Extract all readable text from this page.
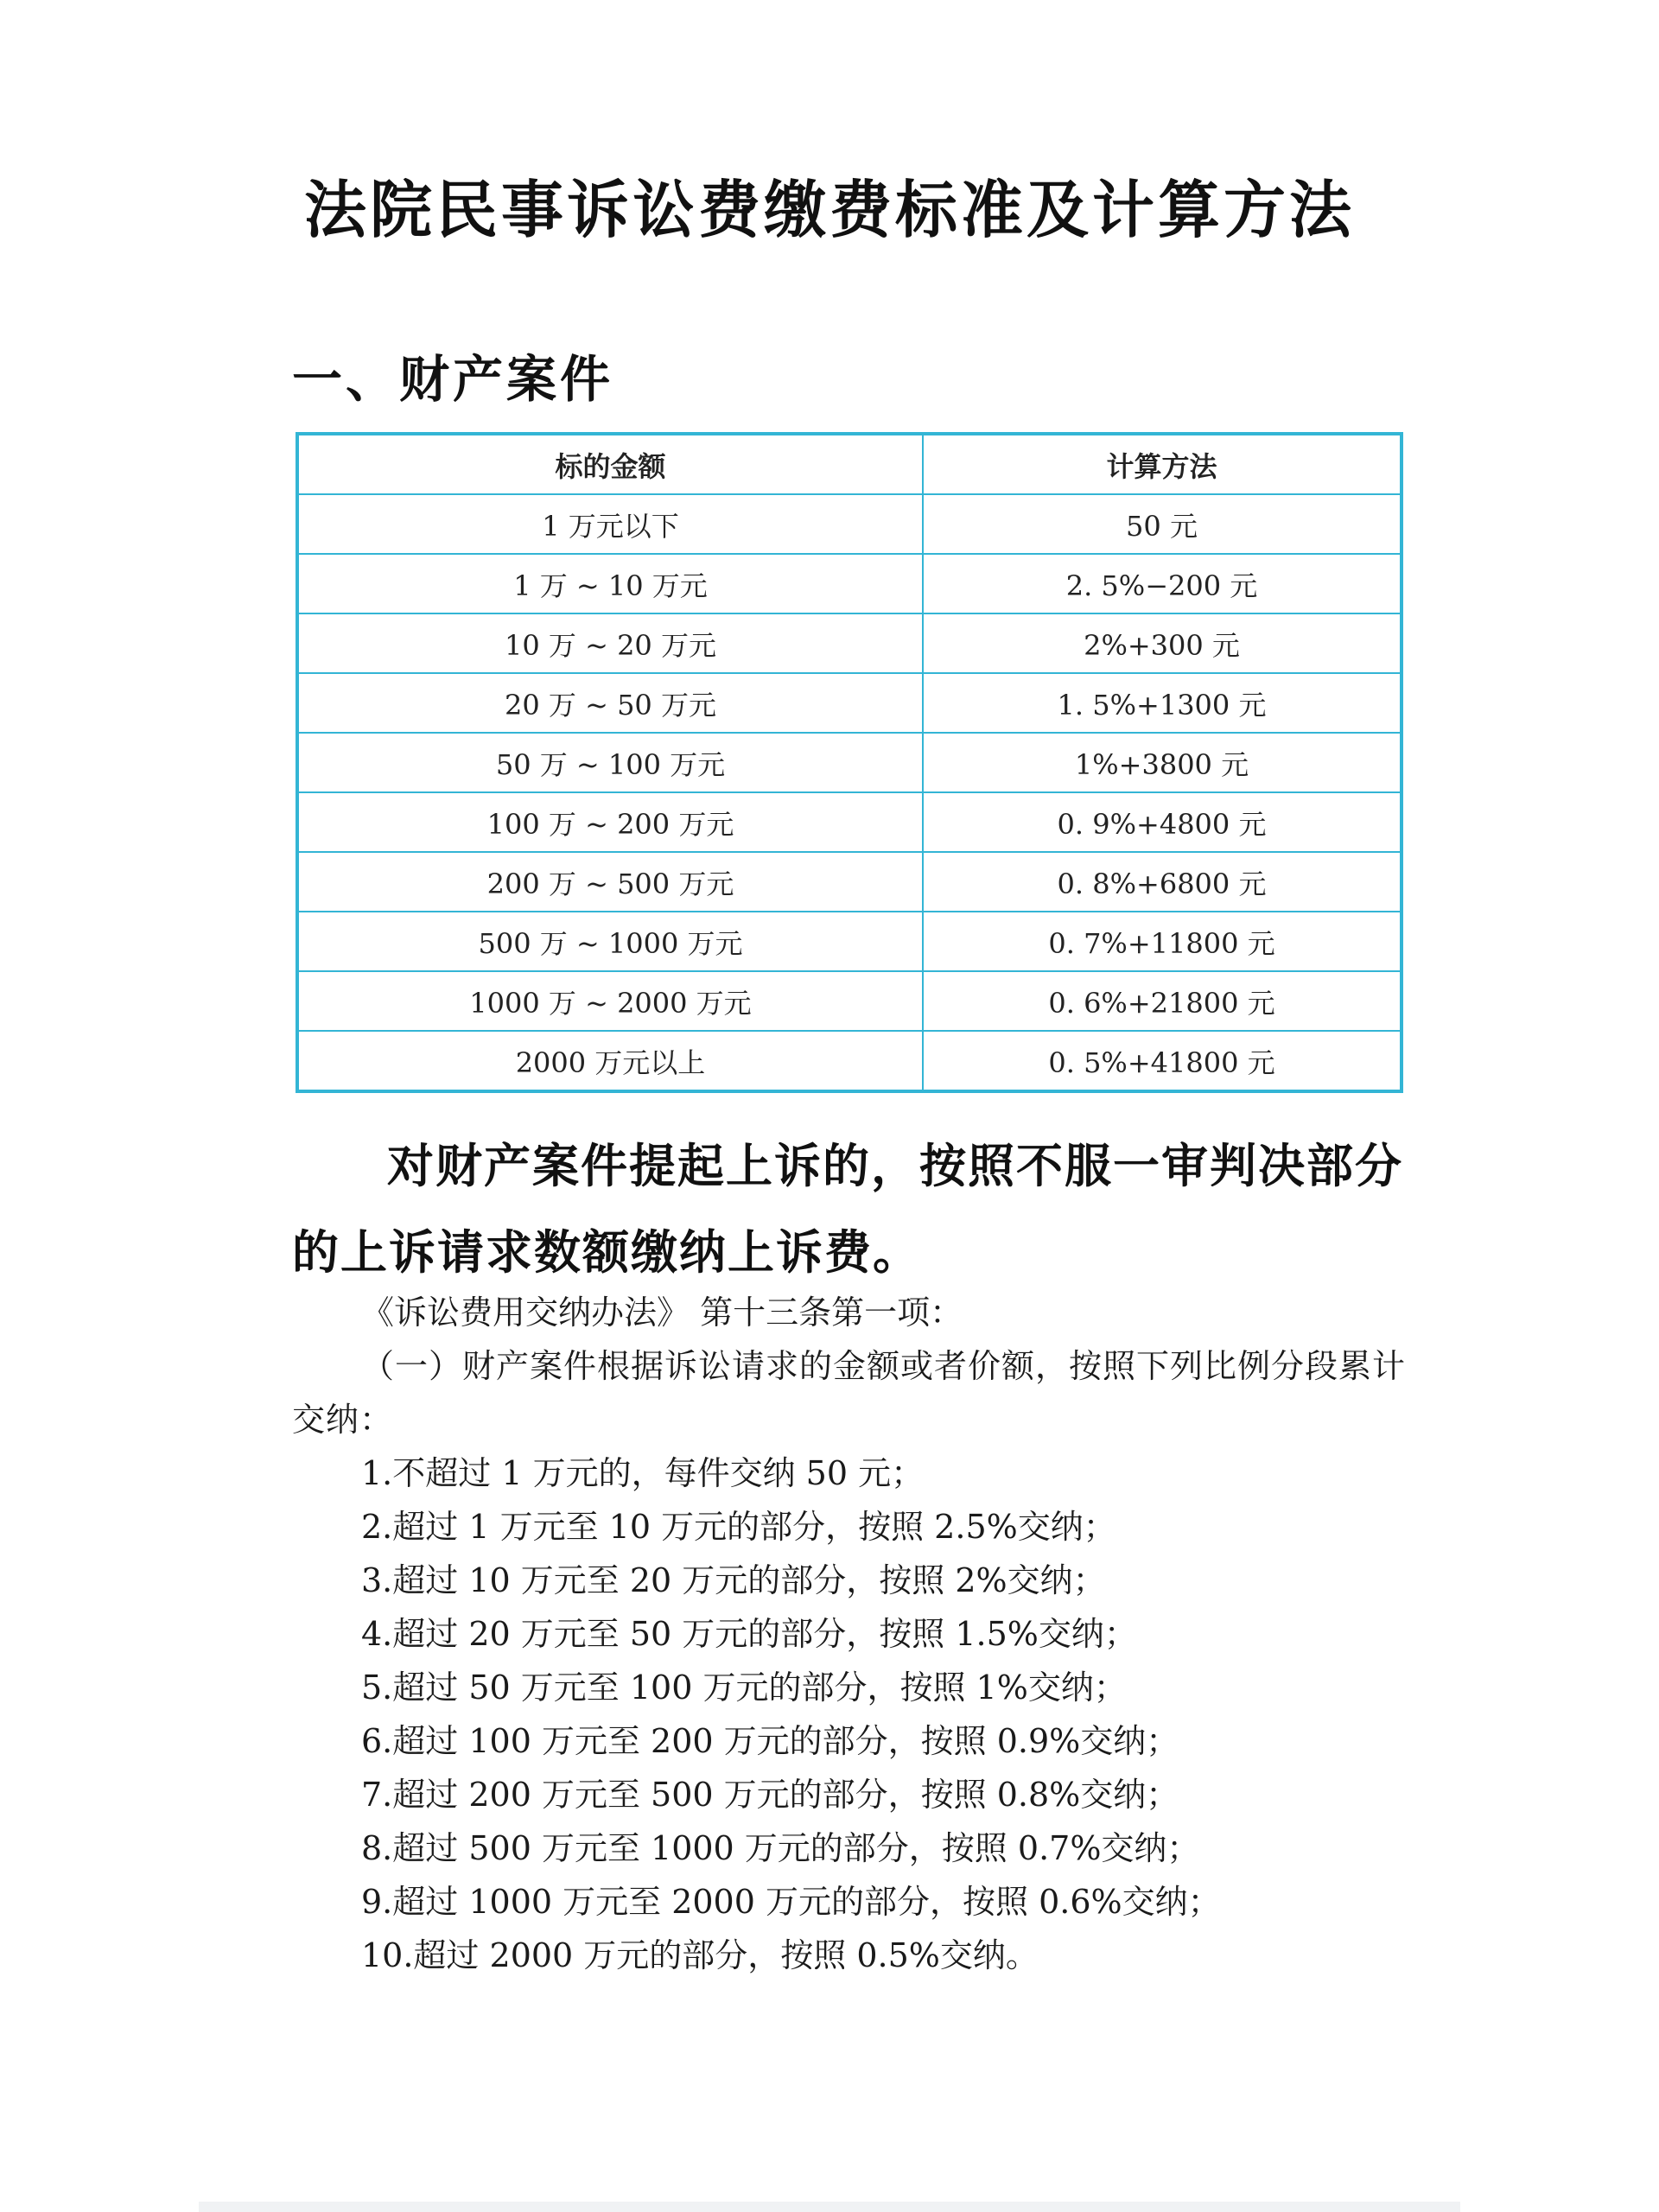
法院民事诉讼费缴费标准及计算方法
一、财产案件
标的金额	计算方法
1 万元以下	50 元
1 万 ~ 10 万元	2. 5%−200 元
10 万 ~ 20 万元	2%+300 元
20 万 ~ 50 万元	1. 5%+1300 元
50 万 ~ 100 万元	1%+3800 元
100 万 ~ 200 万元	0. 9%+4800 元
200 万 ~ 500 万元	0. 8%+6800 元
500 万 ~ 1000 万元	0. 7%+11800 元
1000 万 ~ 2000 万元	0. 6%+21800 元
2000 万元以上	0. 5%+41800 元
对财产案件提起上诉的，按照不服一审判决部分的上诉请求数额缴纳上诉费。
《诉讼费用交纳办法》 第十三条第一项：
（一）财产案件根据诉讼请求的金额或者价额，按照下列比例分段累计交纳：
1.不超过 1 万元的，每件交纳 50 元；
2.超过 1 万元至 10 万元的部分，按照 2.5%交纳；
3.超过 10 万元至 20 万元的部分，按照 2%交纳；
4.超过 20 万元至 50 万元的部分，按照 1.5%交纳；
5.超过 50 万元至 100 万元的部分，按照 1%交纳；
6.超过 100 万元至 200 万元的部分，按照 0.9%交纳；
7.超过 200 万元至 500 万元的部分，按照 0.8%交纳；
8.超过 500 万元至 1000 万元的部分，按照 0.7%交纳；
9.超过 1000 万元至 2000 万元的部分，按照 0.6%交纳；
10.超过 2000 万元的部分，按照 0.5%交纳。
